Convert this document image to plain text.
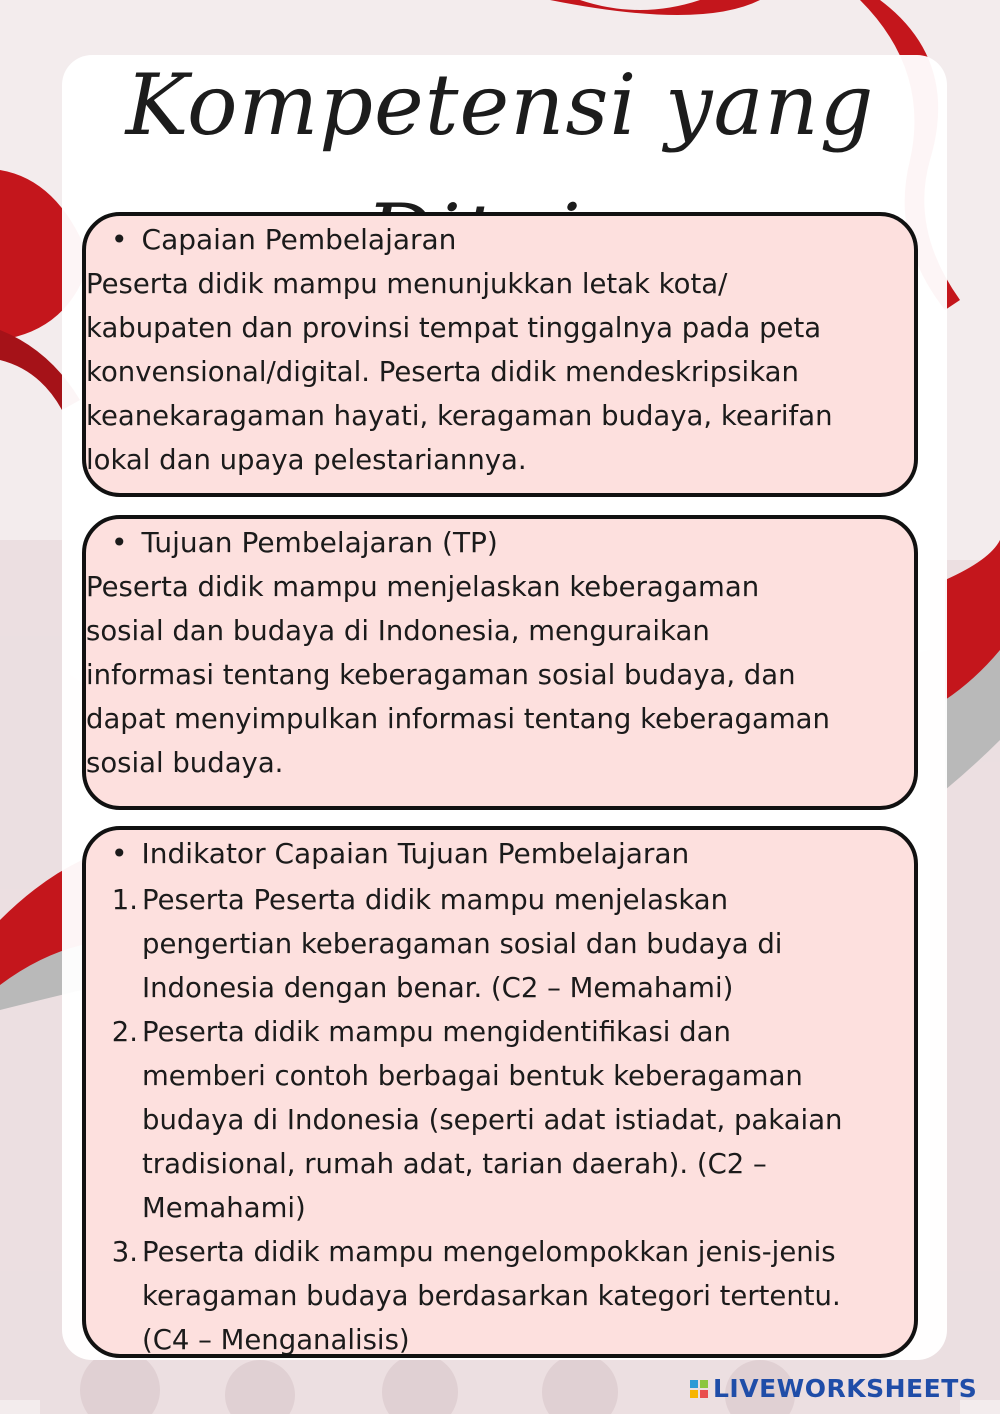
Kompetensi yang
• Capaian Pembelajaran

Peserta didik mampu menunjukkan letak kota/
kabupaten dan provinsi tempat tinggalnya pada peta
konvensional/digital. Peserta didik mendeskripsikan
keanekaragaman hayati, keragaman budaya, kearifan
lokal dan upaya pelestariannya.

• Tujuan Pembelajaran (TP)

Peserta didik mampu menjelaskan keberagaman
sosial dan budaya di Indonesia, menguraikan
informasi tentang keberagaman sosial budaya, dan
dapat menyimpulkan informasi tentang keberagaman
sosial budaya.

• Indikator Capaian Tujuan Pembelajaran
1. Peserta Peserta didik mampu menjelaskan
pengertian keberagaman sosial dan budaya di
Indonesia dengan benar. (C2 – Memahami)
2. Peserta didik mampu mengidentifikasi dan
memberi contoh berbagai bentuk keberagaman
budaya di Indonesia (seperti adat istiadat, pakaian
tradisional, rumah adat, tarian daerah). (C2 –
Memahami)
3. Peserta didik mampu mengelompokkan jenis-jenis
keragaman budaya berdasarkan kategori tertentu.
(C4 – Menganalisis)
LIVEWORKSHEETS
